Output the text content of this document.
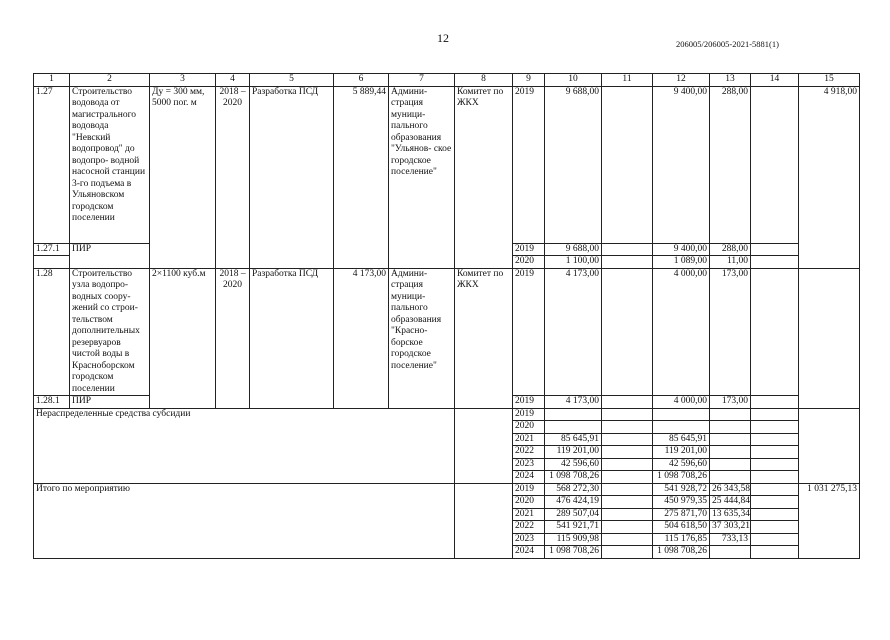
12	206005/206005-2021-5881(1)
1	2	3	4	5	6	7	8	9	10	11	12	13	14	15
1.27	Строительство водовода от магистрального водовода "Невский водопровод" до водопро- водной насосной станции 3-го подъема в Ульяновском городском поселении	Ду = 300 мм, 5000 пог. м	2018 – 2020	Разработка ПСД	5 889,44	Админи- страция муници- пального образования "Ульянов- ское городское поселение"	Комитет по ЖКХ	2019	9 688,00		9 400,00	288,00		4 918,00
1.27.1	ПИР							2019	9 688,00		9 400,00	288,00		
								2020	1 100,00		1 089,00	11,00		
1.28	Строительство узла водопро- водных соору- жений со строи- тельством дополнительных резервуаров чистой воды в Красноборском городском поселении	2×1100 куб.м	2018 – 2020	Разработка ПСД	4 173,00	Админи- страция муници- пального образования "Красно- борское городское поселение"	Комитет по ЖКХ	2019	4 173,00		4 000,00	173,00		
1.28.1	ПИР							2019	4 173,00		4 000,00	173,00		
Нераспределенные средства субсидии								2019						
								2020						
								2021	85 645,91		85 645,91			
								2022	119 201,00		119 201,00			
								2023	42 596,60		42 596,60			
								2024	1 098 708,26		1 098 708,26			
Итого по мероприятию								2019	568 272,30		541 928,72	26 343,58		1 031 275,13
								2020	476 424,19		450 979,35	25 444,84		
								2021	289 507,04		275 871,70	13 635,34		
								2022	541 921,71		504 618,50	37 303,21		
								2023	115 909,98		115 176,85	733,13		
								2024	1 098 708,26		1 098 708,26			
